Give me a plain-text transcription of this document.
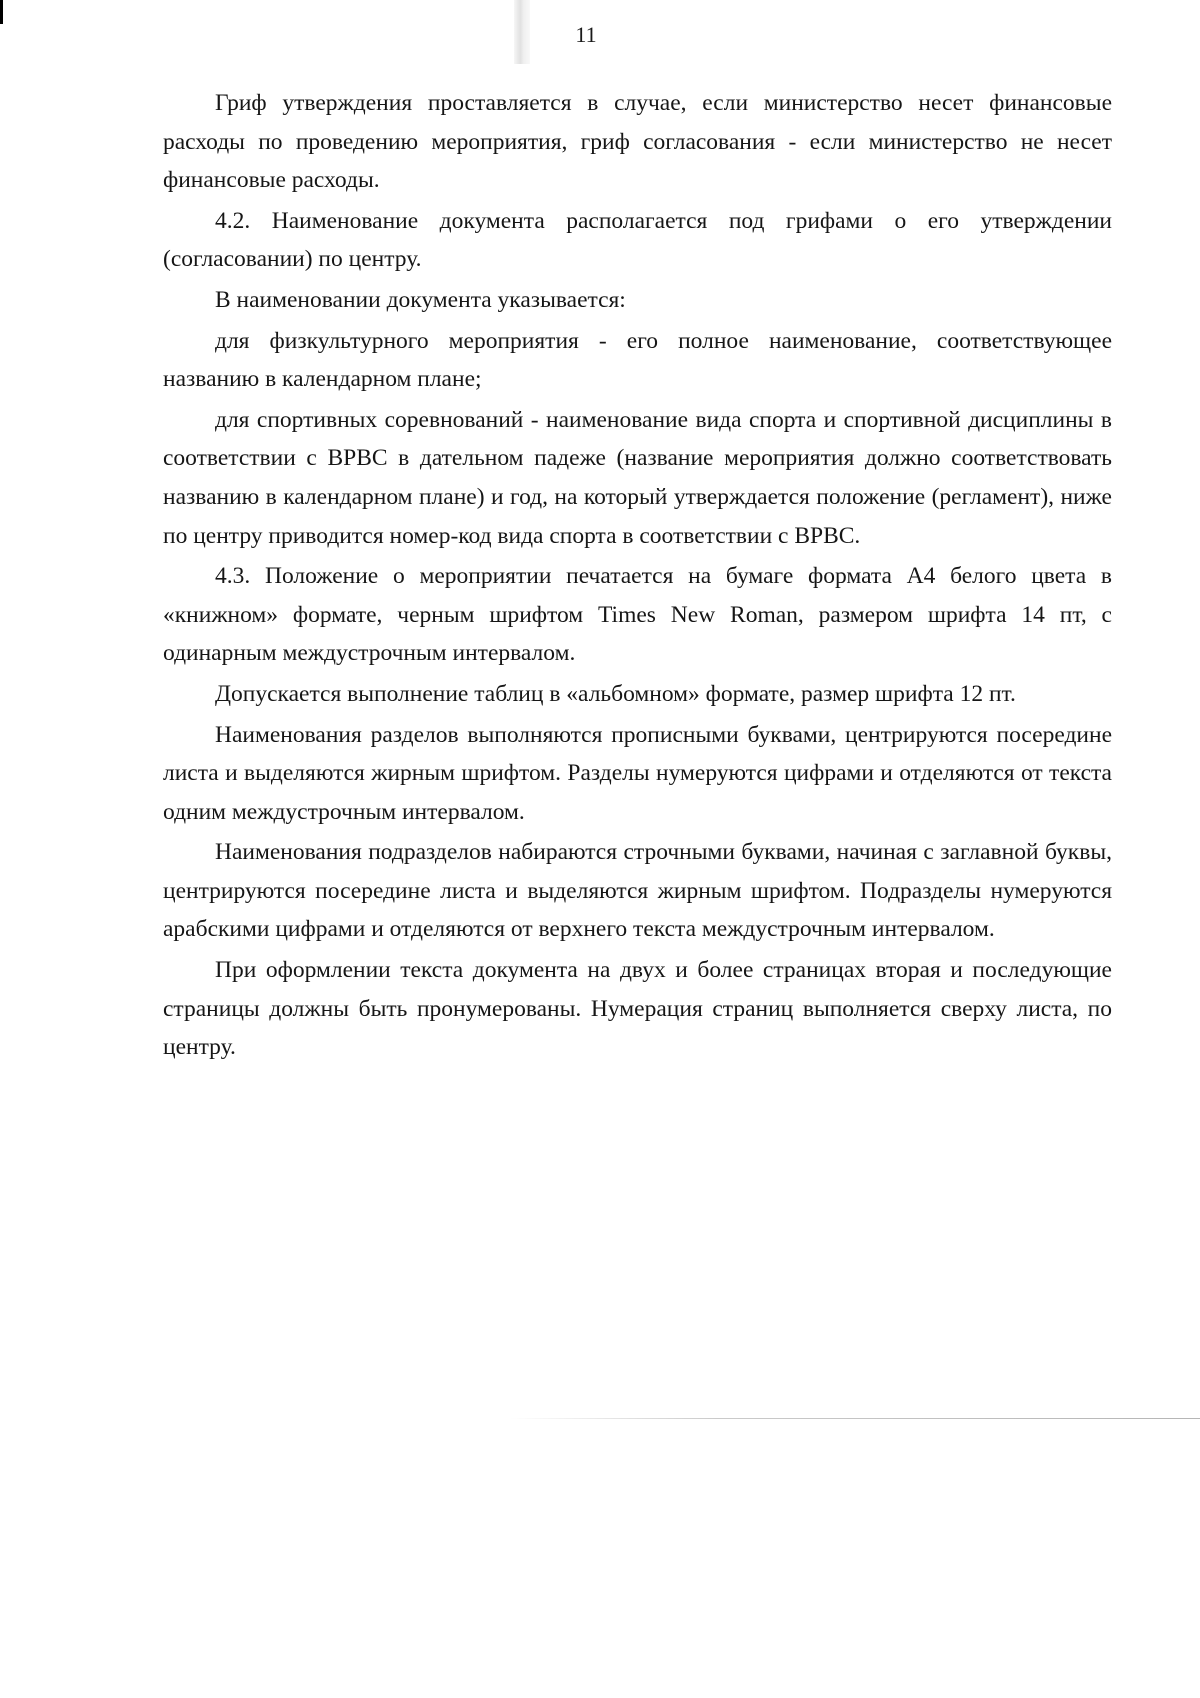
11

Гриф утверждения проставляется в случае, если министерство несет финансовые расходы по проведению мероприятия, гриф согласования - если министерство не несет финансовые расходы.

4.2. Наименование документа располагается под грифами о его утверждении (согласовании) по центру.

В наименовании документа указывается:

для физкультурного мероприятия - его полное наименование, соответствующее названию в календарном плане;

для спортивных соревнований - наименование вида спорта и спортивной дисциплины в соответствии с ВРВС в дательном падеже (название мероприятия должно соответствовать названию в календарном плане) и год, на который утверждается положение (регламент), ниже по центру приводится номер-код вида спорта в соответствии с ВРВС.

4.3. Положение о мероприятии печатается на бумаге формата А4 белого цвета в «книжном» формате, черным шрифтом Times New Roman, размером шрифта 14 пт, с одинарным междустрочным интервалом.

Допускается выполнение таблиц в «альбомном» формате, размер шрифта 12 пт.

Наименования разделов выполняются прописными буквами, центрируются посередине листа и выделяются жирным шрифтом. Разделы нумеруются цифрами и отделяются от текста одним междустрочным интервалом.

Наименования подразделов набираются строчными буквами, начиная с заглавной буквы, центрируются посередине листа и выделяются жирным шрифтом. Подразделы нумеруются арабскими цифрами и отделяются от верхнего текста междустрочным интервалом.

При оформлении текста документа на двух и более страницах вторая и последующие страницы должны быть пронумерованы. Нумерация страниц выполняется сверху листа, по центру.
